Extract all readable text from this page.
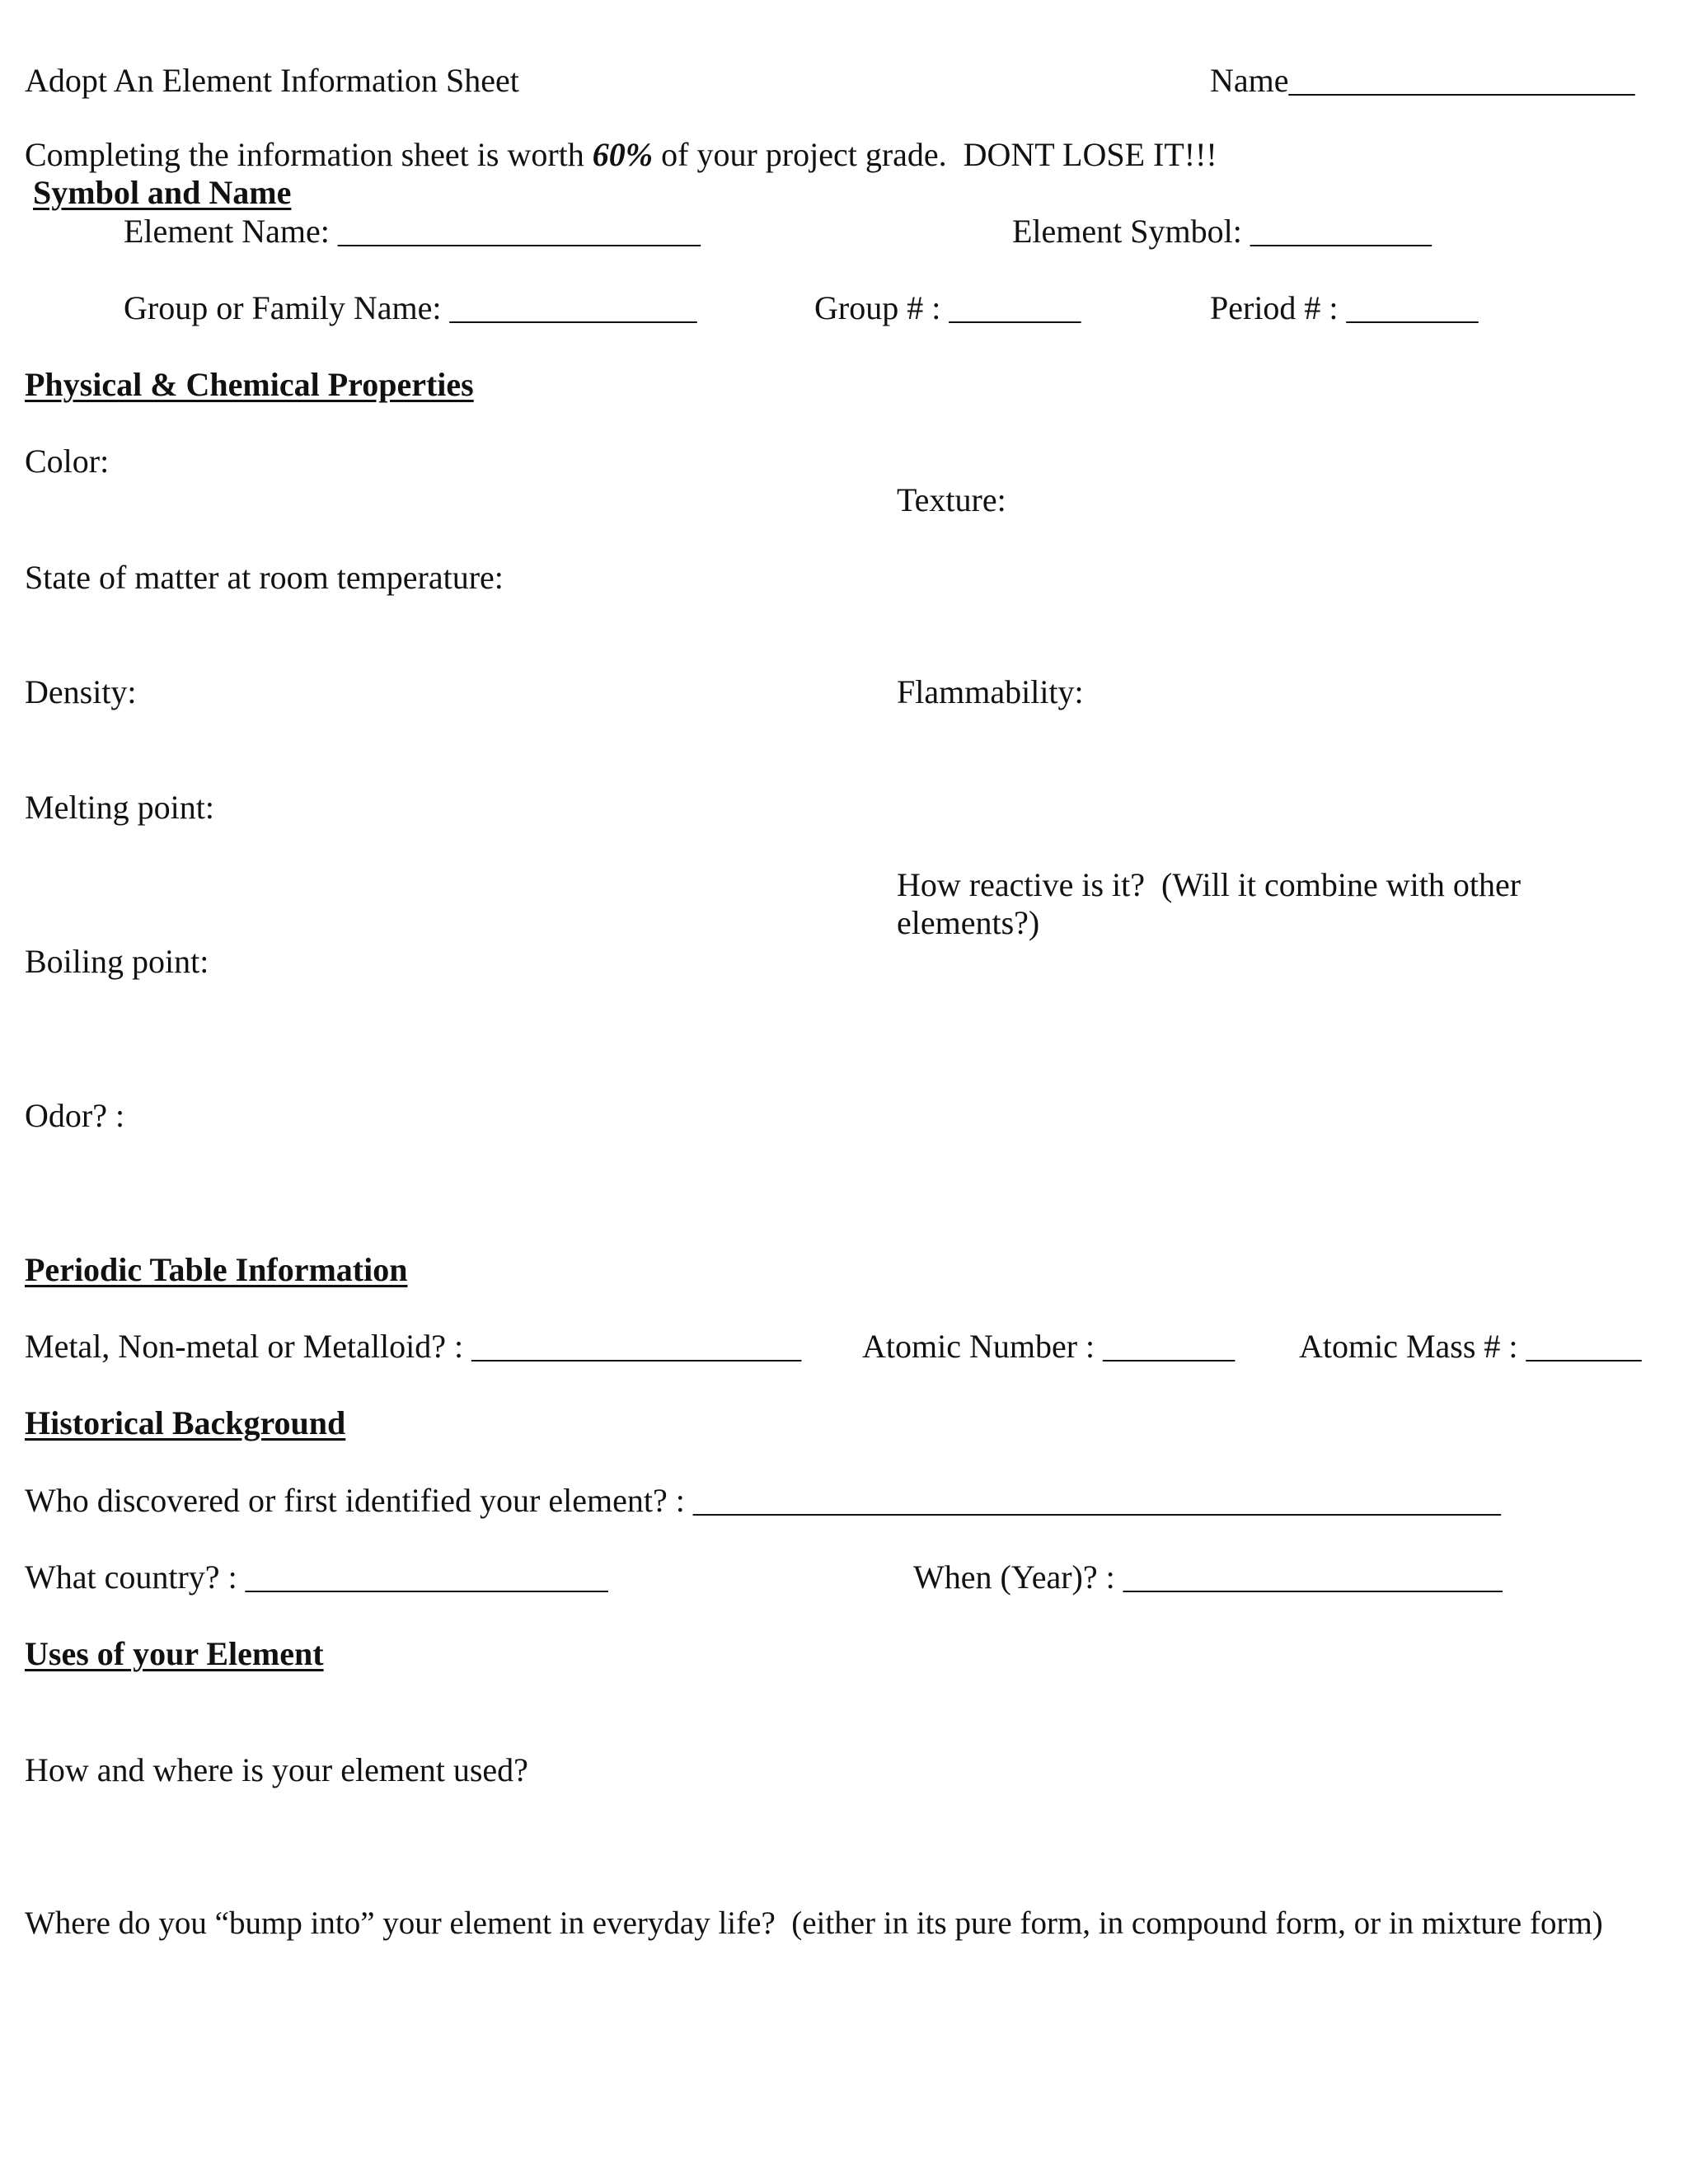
Adopt An Element Information Sheet	Name_____________________
Completing the information sheet is worth 60% of your project grade.  DONT LOSE IT!!!
Symbol and Name
Element Name: ______________________	Element Symbol: ___________
Group or Family Name: _______________	Group # : ________	Period # : ________
Physical & Chemical Properties
Color:
Texture:
State of matter at room temperature:
Density:	Flammability:
Melting point:
How reactive is it?  (Will it combine with other
elements?)
Boiling point:
Odor? :
Periodic Table Information
Metal, Non-metal or Metalloid? : ____________________ Atomic Number : ________ Atomic Mass # : _______
Historical Background
Who discovered or first identified your element? : _________________________________________________
What country? : ______________________	When (Year)? : _______________________
Uses of your Element
How and where is your element used?
Where do you “bump into” your element in everyday life?  (either in its pure form, in compound form, or in mixture form)
